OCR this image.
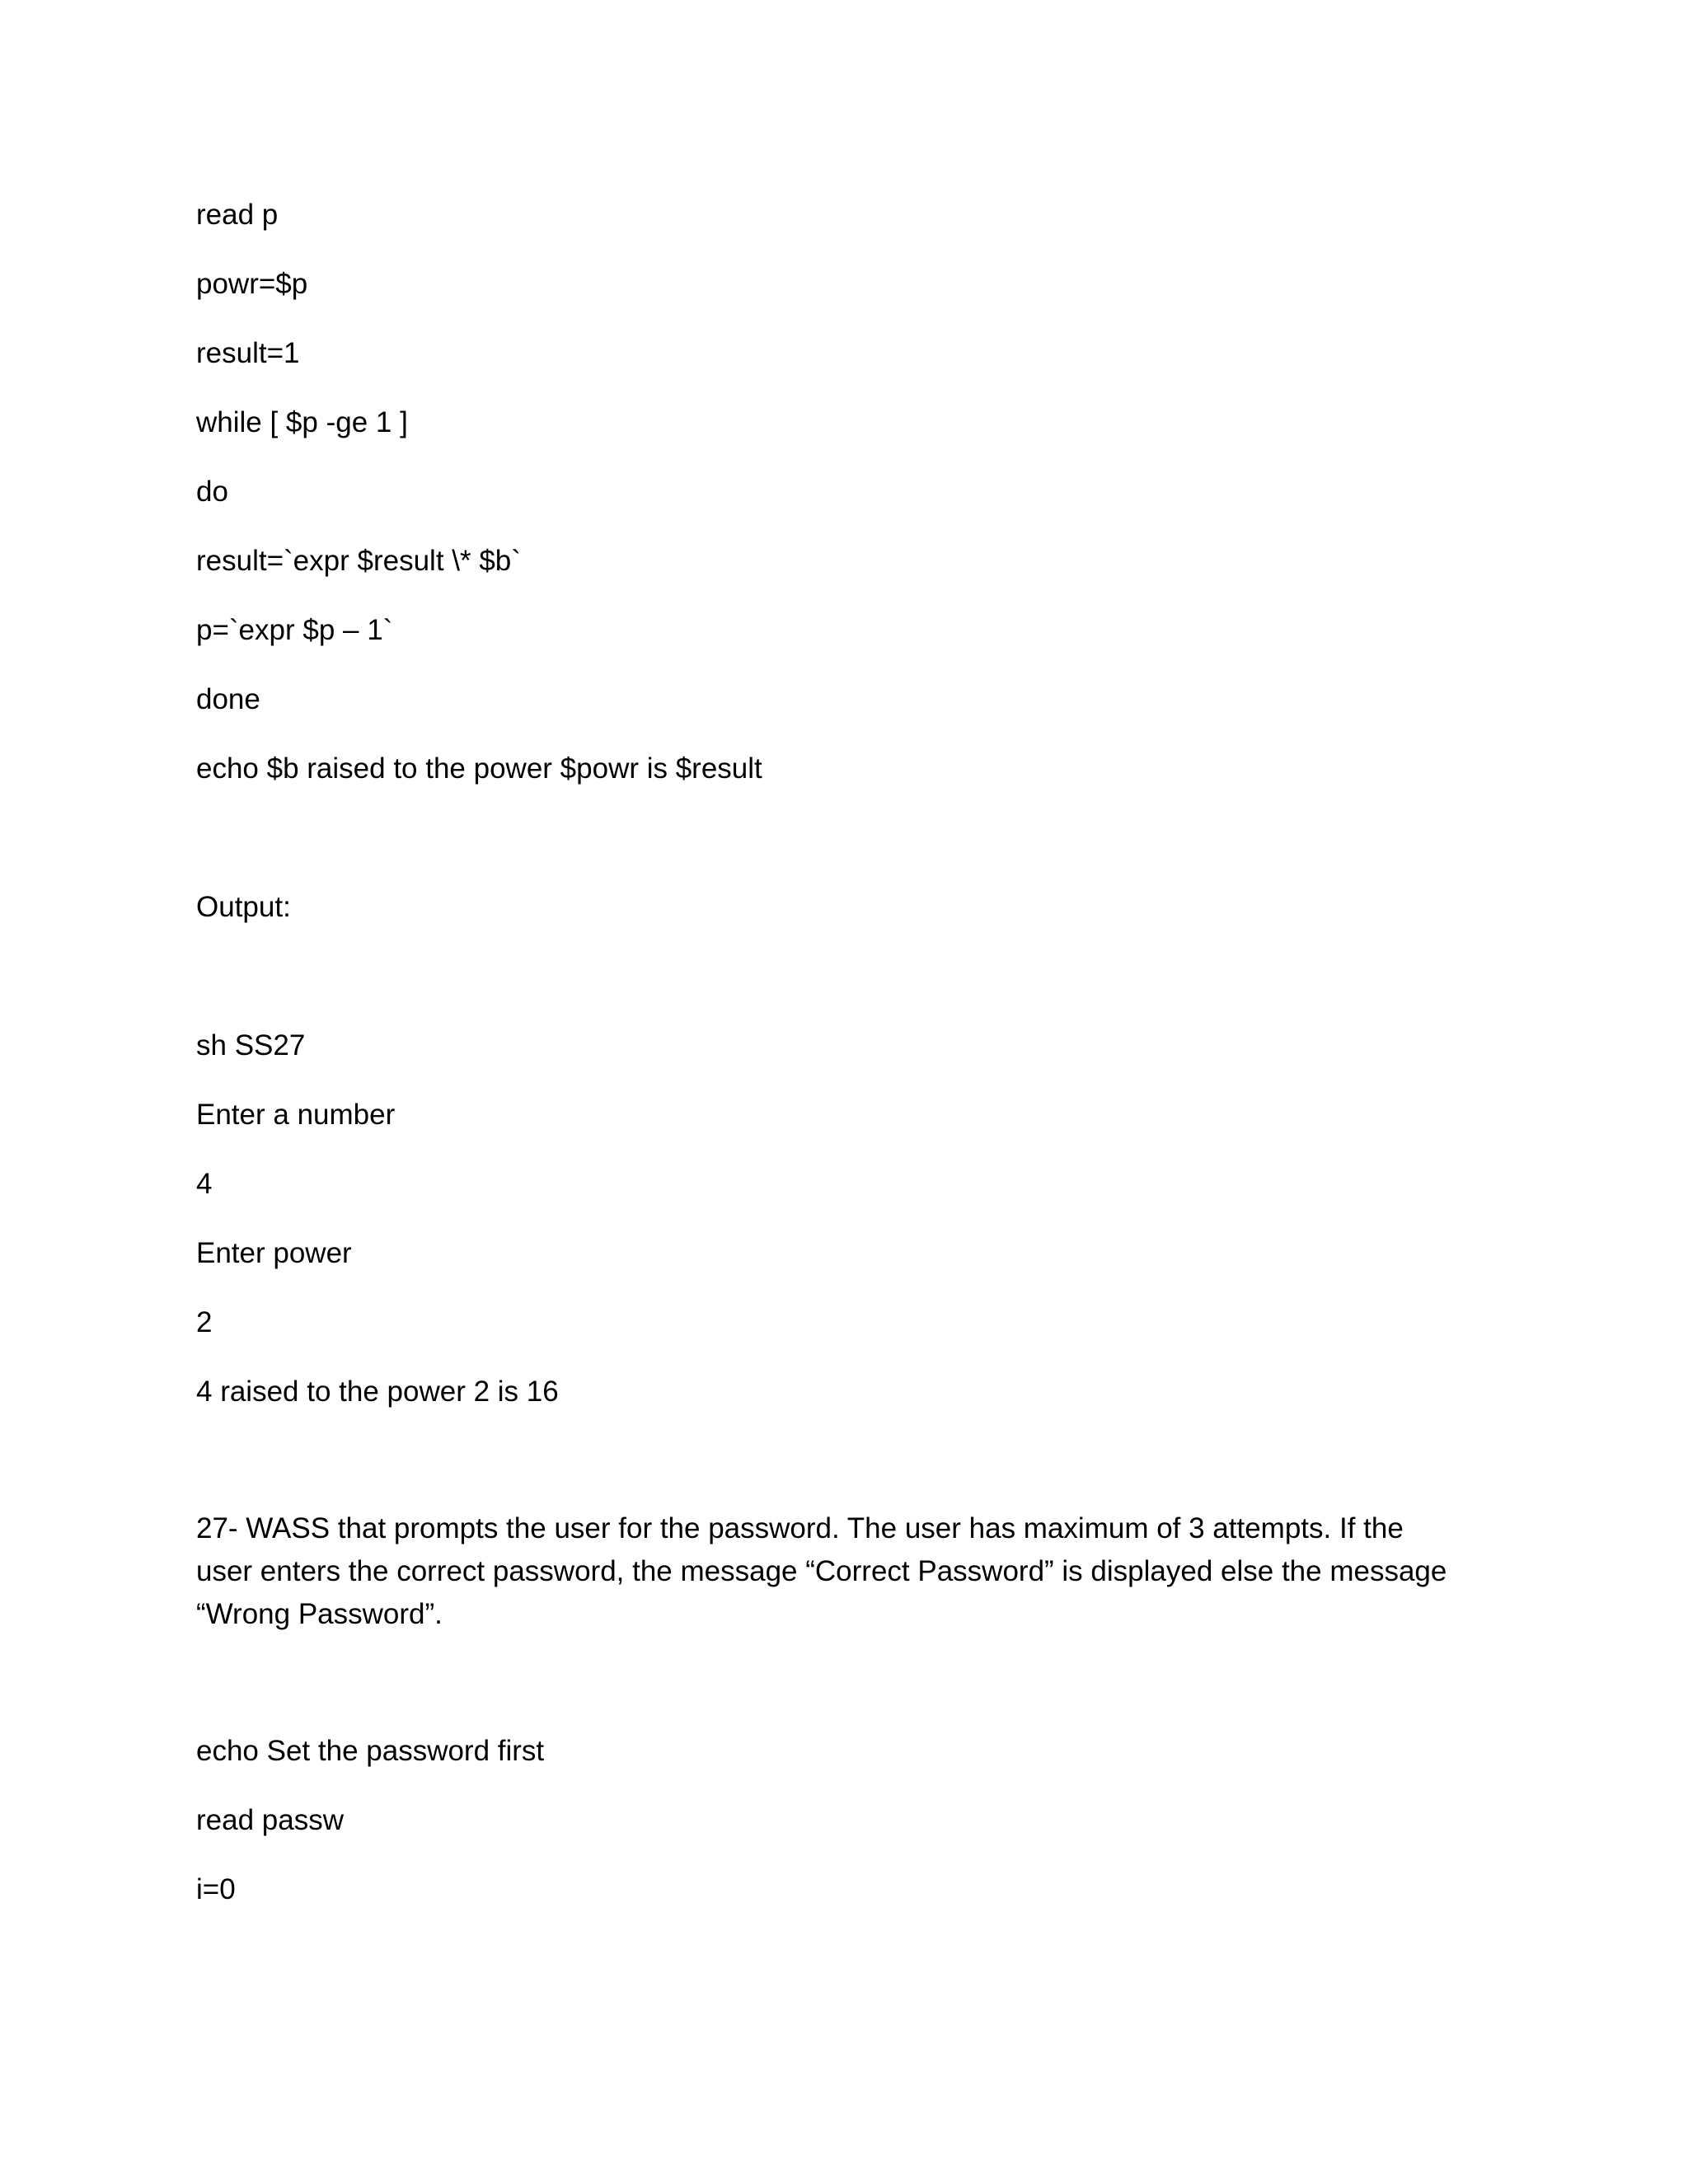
read p

powr=$p

result=1

while [ $p -ge 1 ]

do

result=`expr $result \* $b`

p=`expr $p – 1`

done

echo $b raised to the power $powr is $result

Output:

sh SS27

Enter a number

4

Enter power

2

4 raised to the power 2 is 16

27- WASS that prompts the user for the password. The user has maximum of 3 attempts. If the user enters the correct password, the message “Correct Password” is displayed else the message “Wrong Password”.

echo Set the password first

read passw

i=0
